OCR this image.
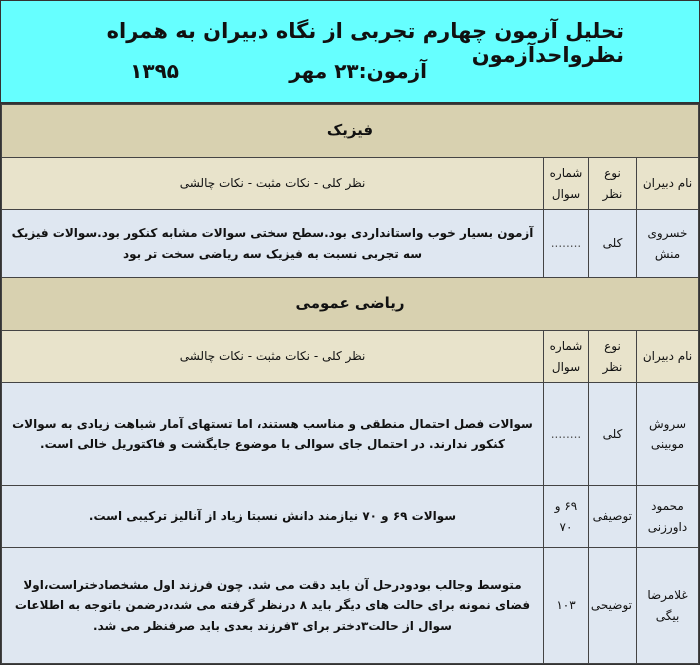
تحلیل آزمون چهارم تجربی از نگاه دبیران به همراه نظرواحدآزمون
آزمون:۲۳ مهر
۱۳۹۵
فیزیک			
نام دبیران	نوع نظر	شماره سوال	نظر کلی - نکات مثبت - نکات چالشی
خسروی منش	کلی	........	آزمون بسیار خوب واستانداردی بود.سطح سختی سوالات مشابه کنکور بود.سوالات فیزیک سه تجربی نسبت به فیزیک سه ریاضی سخت تر بود
ریاضی عمومی			
نام دبیران	نوع نظر	شماره سوال	نظر کلی - نکات مثبت - نکات چالشی
سروش موبینی	کلی	........	سوالات فصل احتمال منطقی و مناسب هستند، اما تستهای آمار شباهت زیادی به سوالات کنکور ندارند. در احتمال جای سوالی با موضوع جایگشت و فاکتوریل خالی است.
محمود داورزنی	توصیفی	۶۹ و ۷۰	سوالات ۶۹ و ۷۰ نیازمند دانش نسبتا زیاد از آنالیز ترکیبی است.
غلامرضا بیگی	توضیحی	۱۰۳	متوسط وجالب بودودرحل آن باید دقت می شد. چون فرزند اول مشخصادختراست،اولا فضای نمونه برای حالت های دیگر باید ۸ درنظر گرفته می شد،درضمن باتوجه به اطلاعات سوال از حالت۳دختر برای ۳فرزند بعدی باید صرفنظر می شد.
